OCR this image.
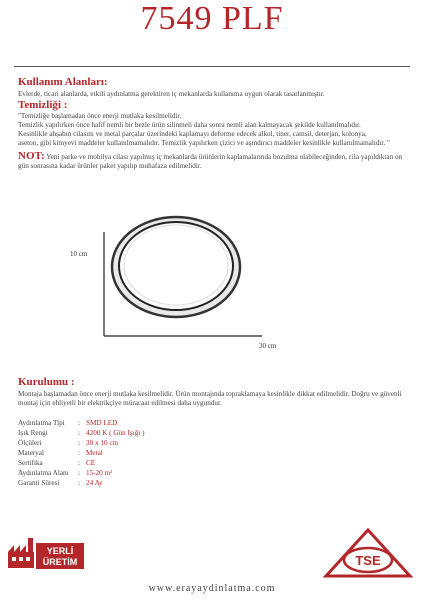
7549 PLF
Kullanım Alanları:
Evlerde, ticari alanlarda, etkili aydınlatma gerektiren iç mekanlarda kullanıma uygun olarak tasarlanmıştır.
Temizliği :
"Temizliğe başlamadan önce enerji mutlaka kesilmelidir.
Temizlik yapılırken önce hafif nemli bir bezle ürün silinmeli daha sonra nemli alan kalmayacak şekilde kullanılmalıdır.
Kesinlikle ahşabın cilasını ve metal parçalar üzerindeki kaplamayı deforme edecek alkol, tiner, camsil, deterjan, kolonya,
aseton, gibi kimyevi maddeler kullanılmamalıdır. Temizlik yapılırken çizici ve aşındırıcı maddeler kesinlikle kullanılmamalıdır. "
NOT: Yeni parke ve mobilya cilası yapılmış iç mekanlarda ürünlerin kaplamalarında bozulma olabileceğinden, cila yapıldıktan on gün sonrasına kadar ürünler paket yapılıp muhafaza edilmelidir.
10 cm
30 cm
Kurulumu :
Montaja başlamadan önce enerji mutlaka kesilmelidir. Ürün montajında topraklamaya kesinlikle dikkat edilmelidir. Doğru ve güvenli montaj için ehliyetli bir elektrikçiye müracaat edilmesi daha uygundur.
Aydınlatma Tipi	: SMD LED
Işık Rengi	: 4200 K ( Gün Işığı )
Ölçüleri	: 30 x 10 cm
Materyal	: Metal
Sertifika	: CE
Aydınlatma Alanı	: 15-20 m²
Garanti Süresi	: 24 Ay
YERLİ
ÜRETİM	TSE
www.erayaydinlatma.com
